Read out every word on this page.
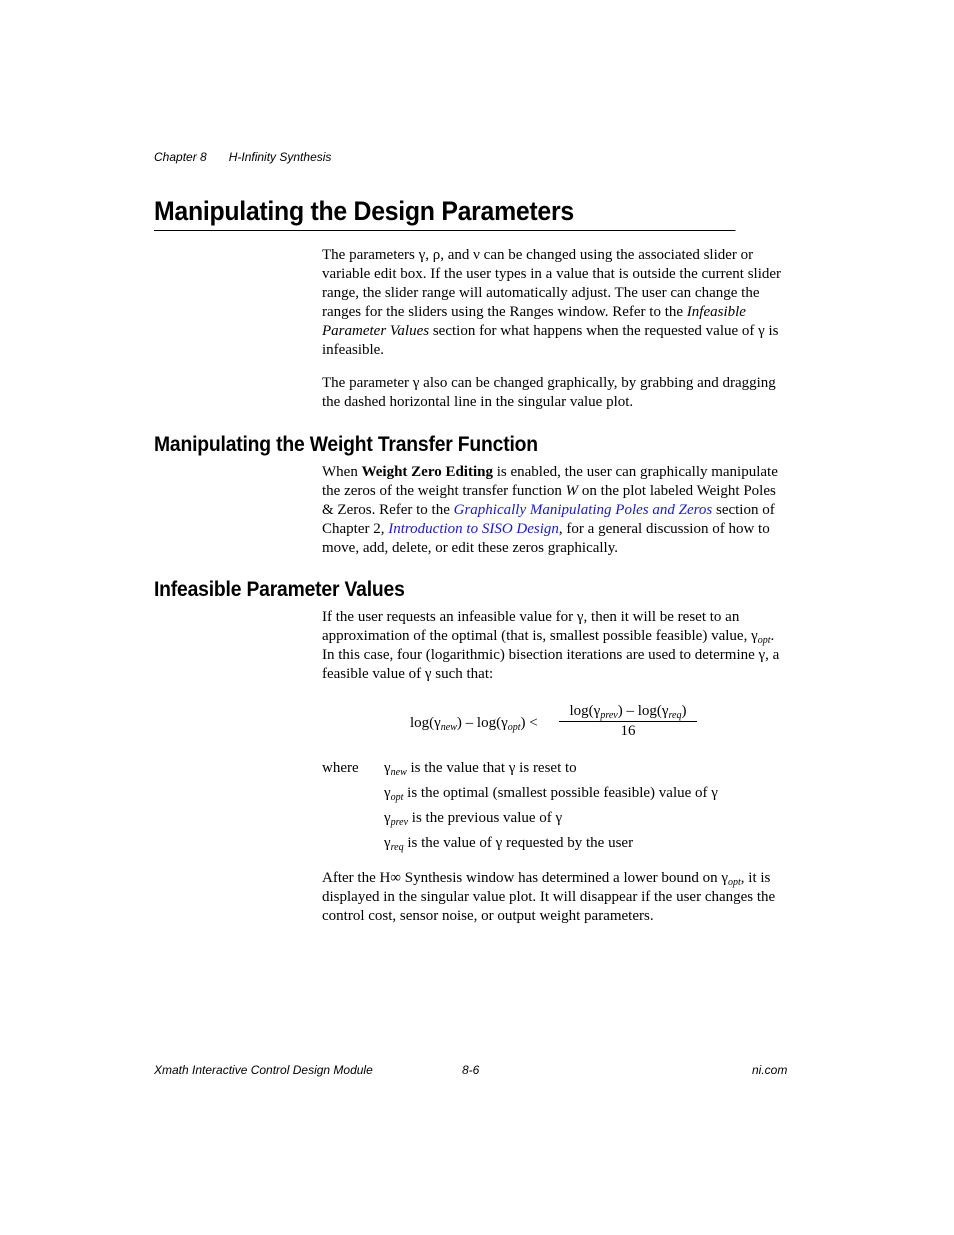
Chapter 8 H-Infinity Synthesis
Manipulating the Design Parameters

The parameters γ, ρ, and ν can be changed using the associated slider or variable edit box. If the user types in a value that is outside the current slider range, the slider range will automatically adjust. The user can change the ranges for the sliders using the Ranges window. Refer to the Infeasible Parameter Values section for what happens when the requested value of γ is infeasible.

The parameter γ also can be changed graphically, by grabbing and dragging the dashed horizontal line in the singular value plot.

Manipulating the Weight Transfer Function

When Weight Zero Editing is enabled, the user can graphically manipulate the zeros of the weight transfer function W on the plot labeled Weight Poles & Zeros. Refer to the Graphically Manipulating Poles and Zeros section of Chapter 2, Introduction to SISO Design, for a general discussion of how to move, add, delete, or edit these zeros graphically.

Infeasible Parameter Values

If the user requests an infeasible value for γ, then it will be reset to an approximation of the optimal (that is, smallest possible feasible) value, $\gamma_{opt}$. In this case, four (logarithmic) bisection iterations are used to determine γ, a feasible value of γ such that:

$\log(\gamma_{new}) - \log(\gamma_{opt})$ <
$\log(\gamma_{prev}) - \log(\gamma_{req})$
16
where $\gamma_{new}$ is the value that γ is reset to
$\gamma_{opt}$ is the optimal (smallest possible feasible) value of γ
$\gamma_{prev}$ is the previous value of γ
$\gamma_{req}$ is the value of γ requested by the user

After the H∞ Synthesis window has determined a lower bound on $\gamma_{opt}$, it is displayed in the singular value plot. It will disappear if the user changes the control cost, sensor noise, or output weight parameters.

Xmath Interactive Control Design Module	8-6	ni.com
